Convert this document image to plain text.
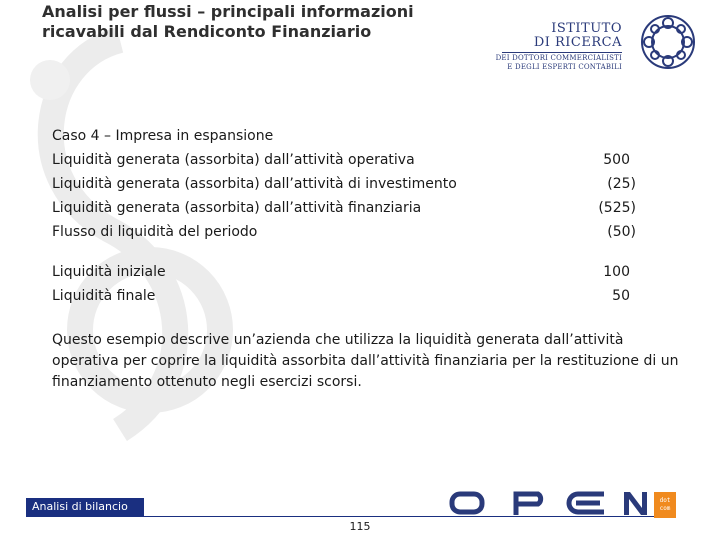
Analisi per flussi – principali informazioni
ricavabili dal Rendiconto Finanziario	ISTITUTO
DI RICERCA
DEI DOTTORI COMMERCIALISTI
E DEGLI ESPERTI CONTABILI
Caso 4 – Impresa in espansione
Liquidità generata (assorbita) dall’attività operativa	500
Liquidità generata (assorbita) dall’attività di investimento	(25)
Liquidità generata (assorbita) dall’attività finanziaria	(525)
Flusso di liquidità del periodo	(50)
Liquidità iniziale	100
Liquidità finale	50

Questo esempio descrive un’azienda che utilizza la liquidità generata dall’attività operativa per coprire la liquidità assorbita dall’attività finanziaria per la restituzione di un finanziamento ottenuto negli esercizi scorsi.

Analisi di bilancio	dot
com
115
